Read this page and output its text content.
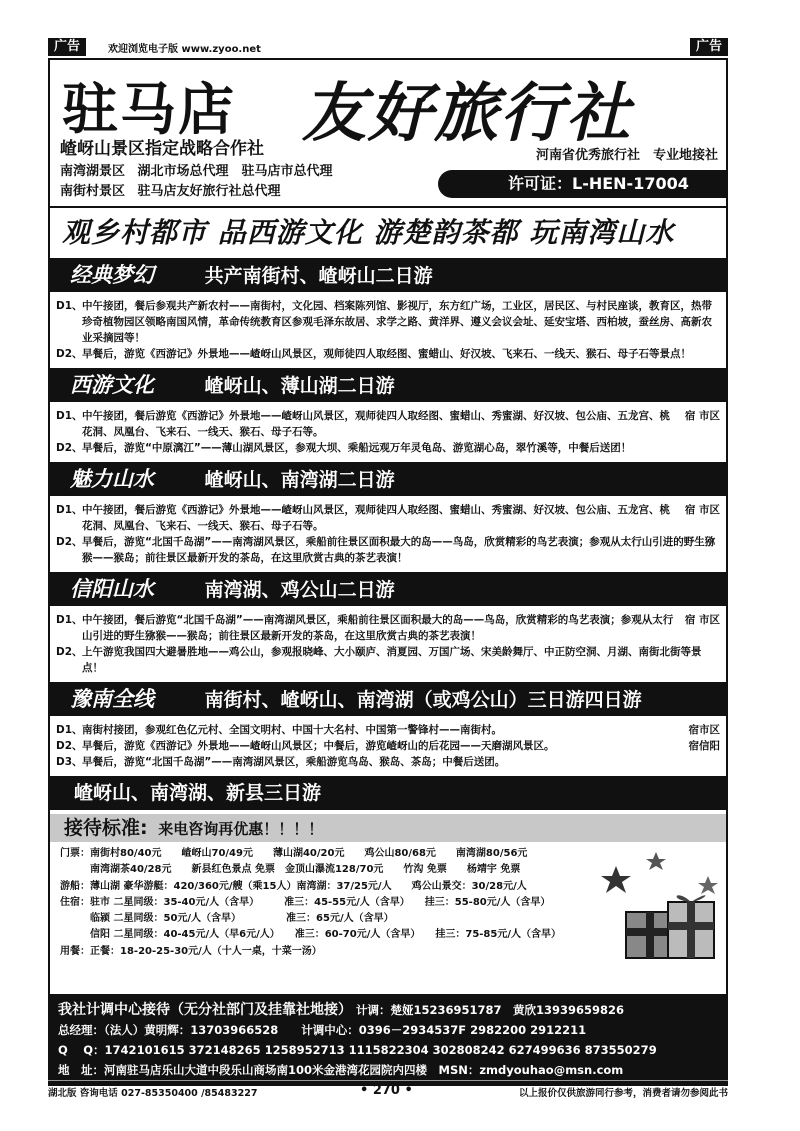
广告	欢迎浏览电子版 www.zyoo.net	广告
驻马店 友好旅行社
嵖岈山景区指定战略合作社
南湾湖景区 湖北市场总代理　驻马店市总代理
南街村景区 驻马店友好旅行社总代理
河南省优秀旅行社　专业地接社
许可证：L-HEN-17004
观乡村都市 品西游文化 游楚韵茶都 玩南湾山水
经典梦幻	共产南街村、嵖岈山二日游
D1、 中午接团，餐后参观共产新农村——南街村，文化园、档案陈列馆、影视厅，东方红广场，工业区，居民区、与村民座谈，教育区，热带珍奇植物园区领略南国风情，革命传统教育区参观毛泽东故居、求学之路、黄洋界、遵义会议会址、延安宝塔、西柏坡，蚕丝房、高新农业采摘园等！
D2、 早餐后，游览《西游记》外景地——嵖岈山风景区，观师徒四人取经图、蜜蜡山、好汉坡、飞来石、一线天、猴石、母子石等景点！
西游文化	嵖岈山、薄山湖二日游
D1、 中午接团，餐后游览《西游记》外景地——嵖岈山风景区，观师徒四人取经图、蜜蜡山、秀蜜湖、好汉坡、包公庙、五龙宫、桃花洞、凤凰台、飞来石、一线天、猴石、母子石等。
宿 市区
D2、 早餐后，游览“中原漓江”——薄山湖风景区，参观大坝、乘船远观万年灵龟岛、游览湖心岛，翠竹溪等，中餐后送团！
魅力山水	嵖岈山、南湾湖二日游
D1、 中午接团，餐后游览《西游记》外景地——嵖岈山风景区，观师徒四人取经图、蜜蜡山、秀蜜湖、好汉坡、包公庙、五龙宫、桃花洞、凤凰台、飞来石、一线天、猴石、母子石等。
宿 市区
D2、 早餐后，游览“北国千岛湖”——南湾湖风景区，乘船前往景区面积最大的岛——鸟岛，欣赏精彩的鸟艺表演；参观从太行山引进的野生猕猴——猴岛；前往景区最新开发的茶岛，在这里欣赏古典的茶艺表演！
信阳山水	南湾湖、鸡公山二日游
D1、 中午接团，餐后游览“北国千岛湖”——南湾湖风景区，乘船前往景区面积最大的岛——鸟岛，欣赏精彩的鸟艺表演；参观从太行山引进的野生猕猴——猴岛；前往景区最新开发的茶岛，在这里欣赏古典的茶艺表演！
宿 市区
D2、 上午游览我国四大避暑胜地——鸡公山，参观报晓峰、大小颐庐、消夏园、万国广场、宋美龄舞厅、中正防空洞、月湖、南街北街等景点！
豫南全线	南街村、嵖岈山、南湾湖（或鸡公山）三日游四日游
D1、 南街村接团，参观红色亿元村、全国文明村、中国十大名村、中国第一警锋村——南街村。	宿市区
D2、 早餐后，游览《西游记》外景地——嵖岈山风景区；中餐后，游览嵖岈山的后花园——天磨湖风景区。	宿信阳
D3、 早餐后，游览“北国千岛湖”——南湾湖风景区，乘船游览鸟岛、猴岛、茶岛；中餐后送团。
嵖岈山、南湾湖、新县三日游
接待标准: 来电咨询再优惠！！！！
门票：南街村80/40元　　嵖岈山70/49元　　薄山湖40/20元　　鸡公山80/68元　　南湾湖80/56元
　　　南湾湖茶40/28元　　新县红色景点 免票　金顶山瀑流128/70元　　竹沟 免票　　杨靖宇 免票
游船：薄山湖 豪华游艇：420/360元/艘（乘15人）南湾湖：37/25元/人　　鸡公山景交：30/28元/人
住宿：驻市 二星同级：35-40元/人（含早）　　　准三：45-55元/人（含早）　　挂三：55-80元/人（含早）
　　　临颍 二星同级：50元/人（含早）　　　　　准三：65元/人（含早）
　　　信阳 二星同级：40-45元/人（早6元/人）　　准三：60-70元/人（含早）　　挂三：75-85元/人（含早）
用餐：正餐：18-20-25-30元/人（十人一桌，十菜一汤）
我社计调中心接待（无分社部门及挂靠社地接） 计调：楚娅15236951787　黄欣13939659826
总经理：（法人）黄明辉：13703966528　　计调中心：0396－2934537F 2982200 2912211
Q　 Q：1742101615 372148265 1258952713 1115822304 302808242 627499636 873550279
地　址：河南驻马店乐山大道中段乐山商场南100米金港湾花园院内四楼　MSN：zmdyouhao@msn.com
湖北版 咨询电话 027-85350400 /85483227	• 270 •	以上报价仅供旅游同行参考，消费者请勿参阅此书
